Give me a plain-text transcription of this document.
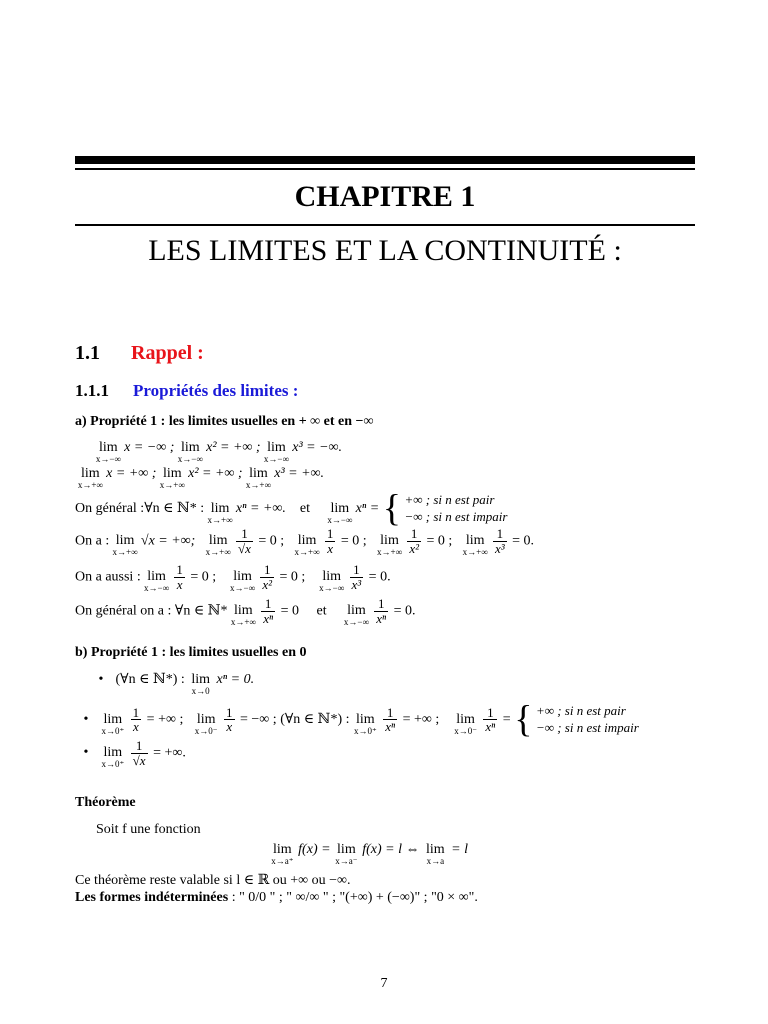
CHAPITRE 1
LES LIMITES ET LA CONTINUITÉ :
1.1 Rappel :
1.1.1 Propriétés des limites :
a) Propriété 1 : les limites usuelles en + ∞ et en −∞
lim
x→−∞
x = −∞ ; lim
x→−∞
x² = +∞ ; lim
x→−∞
x³ = −∞.
lim
x→+∞
x = +∞ ; lim
x→+∞
x² = +∞ ; lim
x→+∞
x³ = +∞.
On général :∀n ∈ ℕ* : lim
x→+∞
xⁿ = +∞. et lim
x→−∞
xⁿ = { +∞ ; si n est pair
−∞ ; si n est impair
On a : lim
x→+∞
√x = +∞; lim
x→+∞
$\frac{1}{√x} = 0$ ; lim
x→+∞
$\frac{1}{x} = 0$ ; lim
x→+∞
$\frac{1}{\text{x²}} = 0$ ; lim
x→+∞
$\frac{1}{\text{x³}} = 0$.
On a aussi : lim
x→−∞
$\frac{1}{x} = 0$ ; lim
x→−∞
$\frac{1}{\text{x²}} = 0$ ; lim
x→−∞
$\frac{1}{\text{x³}} = 0$.
On général on a : ∀n ∈ ℕ* lim
x→+∞
$\frac{1}{\text{xⁿ}} = 0$ et lim
x→−∞
$\frac{1}{\text{xⁿ}} = 0$.
b) Propriété 1 : les limites usuelles en 0
• (∀n ∈ ℕ*) : lim
x→0
xⁿ = 0.
• lim
x→0⁺
$\frac{1}{x}$ = +∞ ; lim
x→0⁻
$\frac{1}{x}$ = −∞ ; (∀n ∈ ℕ*) : lim
x→0⁺
$\frac{1}{\text{xⁿ}}$ = +∞ ; lim
x→0⁻
$\frac{1}{\text{xⁿ}}$ = { +∞ ; si n est pair
−∞ ; si n est impair
• lim
x→0⁺
$\frac{1}{√x}$ = +∞.
Théorème
Soit f une fonction
lim
x→a⁺
f(x) = lim
x→a⁻
f(x) = l ⇔ lim
x→a
= l
Ce théorème reste valable si l ∈ ℝ ou +∞ ou −∞.
Les formes indéterminées : " 0/0 " ; " ∞/∞ " ; "(+∞) + (−∞)" ; "0 × ∞".
7
